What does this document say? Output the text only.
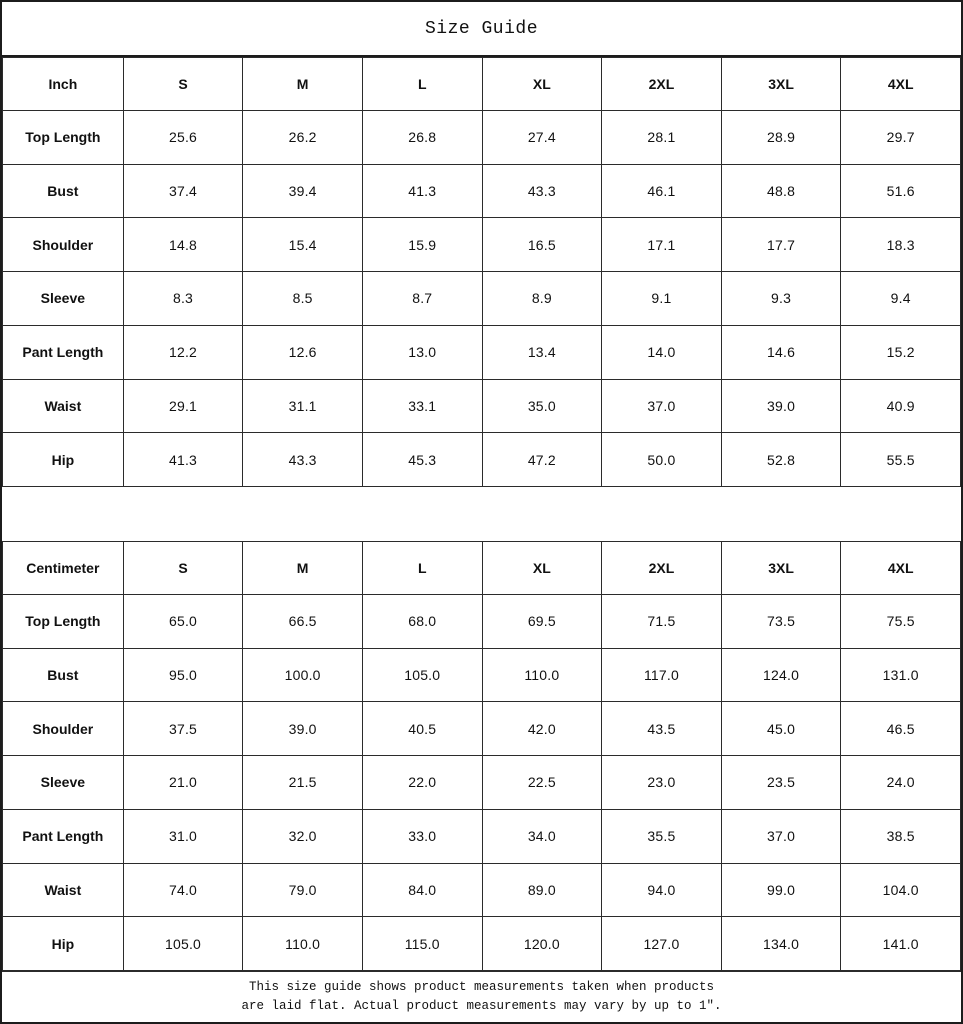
Size Guide
Inch	S	M	L	XL	2XL	3XL	4XL
Top Length	25.6	26.2	26.8	27.4	28.1	28.9	29.7
Bust	37.4	39.4	41.3	43.3	46.1	48.8	51.6
Shoulder	14.8	15.4	15.9	16.5	17.1	17.7	18.3
Sleeve	8.3	8.5	8.7	8.9	9.1	9.3	9.4
Pant Length	12.2	12.6	13.0	13.4	14.0	14.6	15.2
Waist	29.1	31.1	33.1	35.0	37.0	39.0	40.9
Hip	41.3	43.3	45.3	47.2	50.0	52.8	55.5
Centimeter	S	M	L	XL	2XL	3XL	4XL
Top Length	65.0	66.5	68.0	69.5	71.5	73.5	75.5
Bust	95.0	100.0	105.0	110.0	117.0	124.0	131.0
Shoulder	37.5	39.0	40.5	42.0	43.5	45.0	46.5
Sleeve	21.0	21.5	22.0	22.5	23.0	23.5	24.0
Pant Length	31.0	32.0	33.0	34.0	35.5	37.0	38.5
Waist	74.0	79.0	84.0	89.0	94.0	99.0	104.0
Hip	105.0	110.0	115.0	120.0	127.0	134.0	141.0
This size guide shows product measurements taken when products
are laid flat. Actual product measurements may vary by up to 1″.
